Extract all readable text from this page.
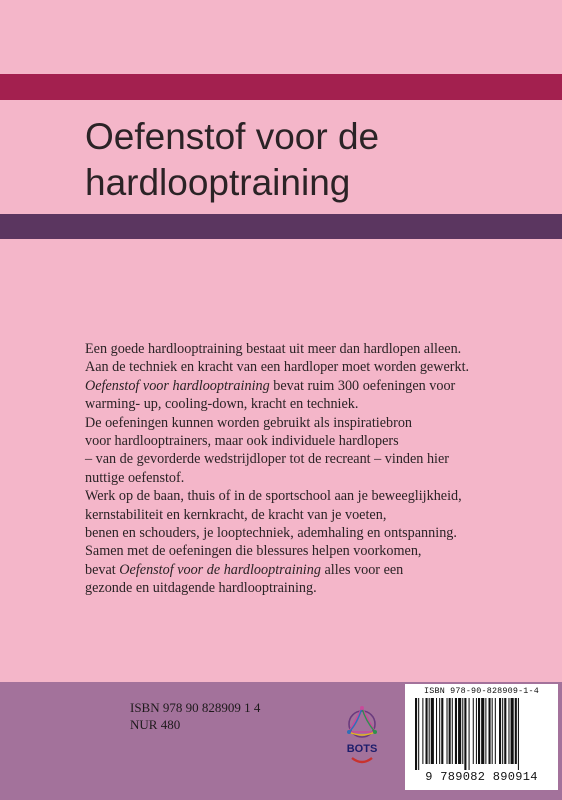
Oefenstof voor de
hardlooptraining

Een goede hardlooptraining bestaat uit meer dan hardlopen alleen.

Aan de techniek en kracht van een hardloper moet worden gewerkt.

Oefenstof voor hardlooptraining bevat ruim 300 oefeningen voor

warming- up, cooling-down, kracht en techniek.

De oefeningen kunnen worden gebruikt als inspiratiebron

voor hardlooptrainers, maar ook individuele hardlopers

– van de gevorderde wedstrijdloper tot de recreant – vinden hier

nuttige oefenstof.

Werk op de baan, thuis of in de sportschool aan je beweeglijkheid,

kernstabiliteit en kernkracht, de kracht van je voeten,

benen en schouders, je looptechniek, ademhaling en ontspanning.

Samen met de oefeningen die blessures helpen voorkomen,

bevat Oefenstof voor de hardlooptraining alles voor een

gezonde en uitdagende hardlooptraining.

ISBN 978 90 828909 1 4
NUR 480
BOTS
ISBN 978-90-828909-1-4
9 789082 890914
